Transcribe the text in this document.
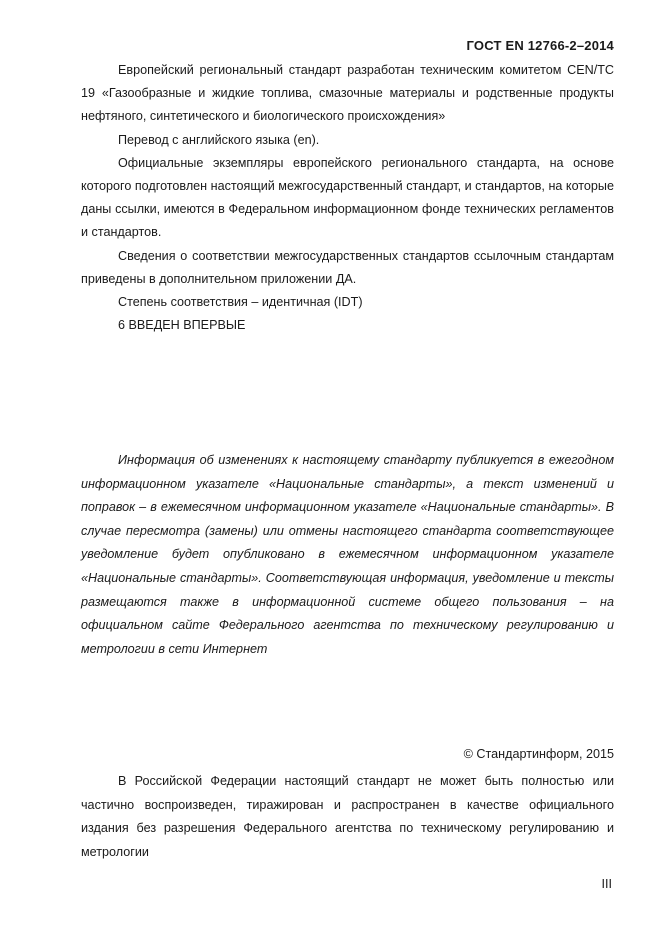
ГОСТ EN 12766-2–2014

Европейский региональный стандарт разработан техническим комитетом CEN/TC 19 «Газообразные и жидкие топлива, смазочные материалы и родственные продукты нефтяного, синтетического и биологического происхождения»

Перевод с английского языка (en).

Официальные экземпляры европейского регионального стандарта, на основе которого подготовлен настоящий межгосударственный стандарт, и стандартов, на которые даны ссылки, имеются в Федеральном информационном фонде технических регламентов и стандартов.

Сведения о соответствии межгосударственных стандартов ссылочным стандартам приведены в дополнительном приложении ДА.

Степень соответствия – идентичная (IDT)

6 ВВЕДЕН ВПЕРВЫЕ

Информация об изменениях к настоящему стандарту публикуется в ежегодном информационном указателе «Национальные стандарты», а текст изменений и поправок – в ежемесячном информационном указателе «Национальные стандарты». В случае пересмотра (замены) или отмены настоящего стандарта соответствующее уведомление будет опубликовано в ежемесячном информационном указателе «Национальные стандарты». Соответствующая информация, уведомление и тексты размещаются также в информационной системе общего пользования – на официальном сайте Федерального агентства по техническому регулированию и метрологии в сети Интернет

© Стандартинформ, 2015

В Российской Федерации настоящий стандарт не может быть полностью или частично воспроизведен, тиражирован и распространен в качестве официального издания без разрешения Федерального агентства по техническому регулированию и метрологии

III
